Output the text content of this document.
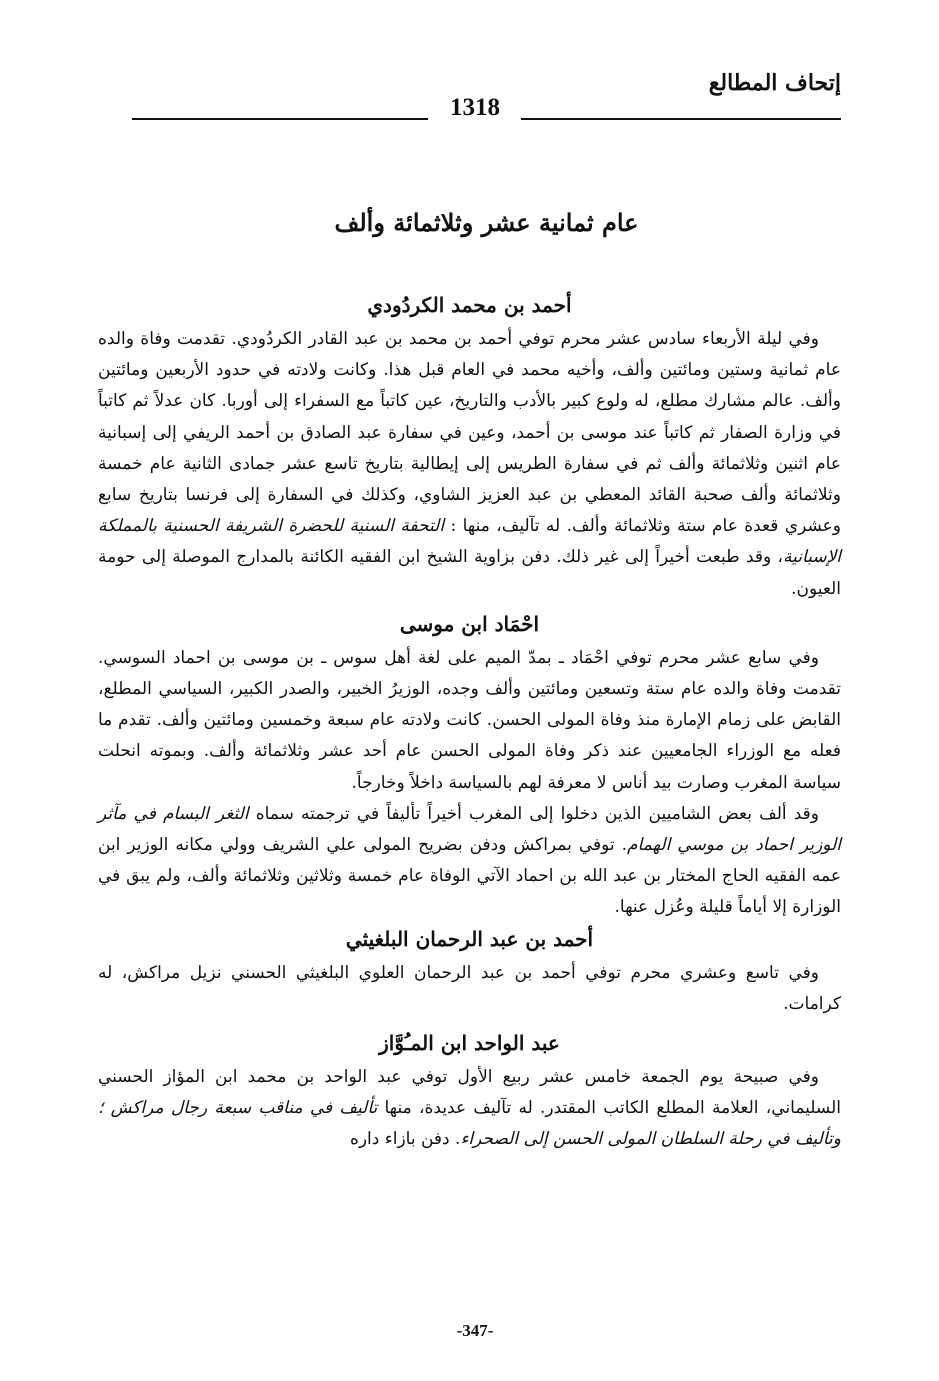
إتحاف المطالع
1318
عام ثمانية عشر وثلاثمائة وألف
أحمد بن محمد الكردُودي

وفي ليلة الأربعاء سادس عشر محرم توفي أحمد بن محمد بن عبد القادر الكردُودي. تقدمت وفاة والده عام ثمانية وستين ومائتين وألف، وأخيه محمد في العام قبل هذا. وكانت ولادته في حدود الأربعين ومائتين وألف. عالم مشارك مطلع، له ولوع كبير بالأدب والتاريخ، عين كاتباً مع السفراء إلى أوربا. كان عدلاً ثم كاتباً في وزارة الصفار ثم كاتباً عند موسى بن أحمد، وعين في سفارة عبد الصادق بن أحمد الريفي إلى إسبانية عام اثنين وثلاثمائة وألف ثم في سفارة الطريس إلى إيطالية بتاريخ تاسع عشر جمادى الثانية عام خمسة وثلاثمائة وألف صحبة القائد المعطي بن عبد العزيز الشاوي، وكذلك في السفارة إلى فرنسا بتاريخ سابع وعشري قعدة عام ستة وثلاثمائة وألف. له تآليف، منها : التحفة السنية للحضرة الشريفة الحسنية بالمملكة الإسبانية، وقد طبعت أخيراً إلى غير ذلك. دفن بزاوية الشيخ ابن الفقيه الكائنة بالمدارج الموصلة إلى حومة العيون.

احْمَاد ابن موسى

وفي سابع عشر محرم توفي احْمَاد ـ بمدّ الميم على لغة أهل سوس ـ بن موسى بن احماد السوسي. تقدمت وفاة والده عام ستة وتسعين ومائتين وألف وجده، الوزيرُ الخبير، والصدر الكبير، السياسي المطلع، القابض على زمام الإمارة منذ وفاة المولى الحسن. كانت ولادته عام سبعة وخمسين ومائتين وألف. تقدم ما فعله مع الوزراء الجامعيين عند ذكر وفاة المولى الحسن عام أحد عشر وثلاثمائة وألف. وبموته انحلت سياسة المغرب وصارت بيد أناس لا معرفة لهم بالسياسة داخلاً وخارجاً.

وقد ألف بعض الشاميين الذين دخلوا إلى المغرب أخيراً تأليفاً في ترجمته سماه الثغر البسام في مآثر الوزير احماد بن موسي الهمام. توفي بمراكش ودفن بضريح المولى علي الشريف وولي مكانه الوزير ابن عمه الفقيه الحاج المختار بن عبد الله بن احماد الآتي الوفاة عام خمسة وثلاثين وثلاثمائة وألف، ولم يبق في الوزارة إلا أياماً قليلة وعُزل عنها.

أحمد بن عبد الرحمان البلغيثي

وفي تاسع وعشري محرم توفي أحمد بن عبد الرحمان العلوي البلغيثي الحسني نزيل مراكش، له كرامات.

عبد الواحد ابن المـُوَّاز

وفي صبيحة يوم الجمعة خامس عشر ربيع الأول توفي عبد الواحد بن محمد ابن المؤاز الحسني السليماني، العلامة المطلع الكاتب المقتدر. له تآليف عديدة، منها تأليف في مناقب سبعة رجال مراكش ؛ وتأليف في رحلة السلطان المولى الحسن إلى الصحراء. دفن بازاء داره

-347-
